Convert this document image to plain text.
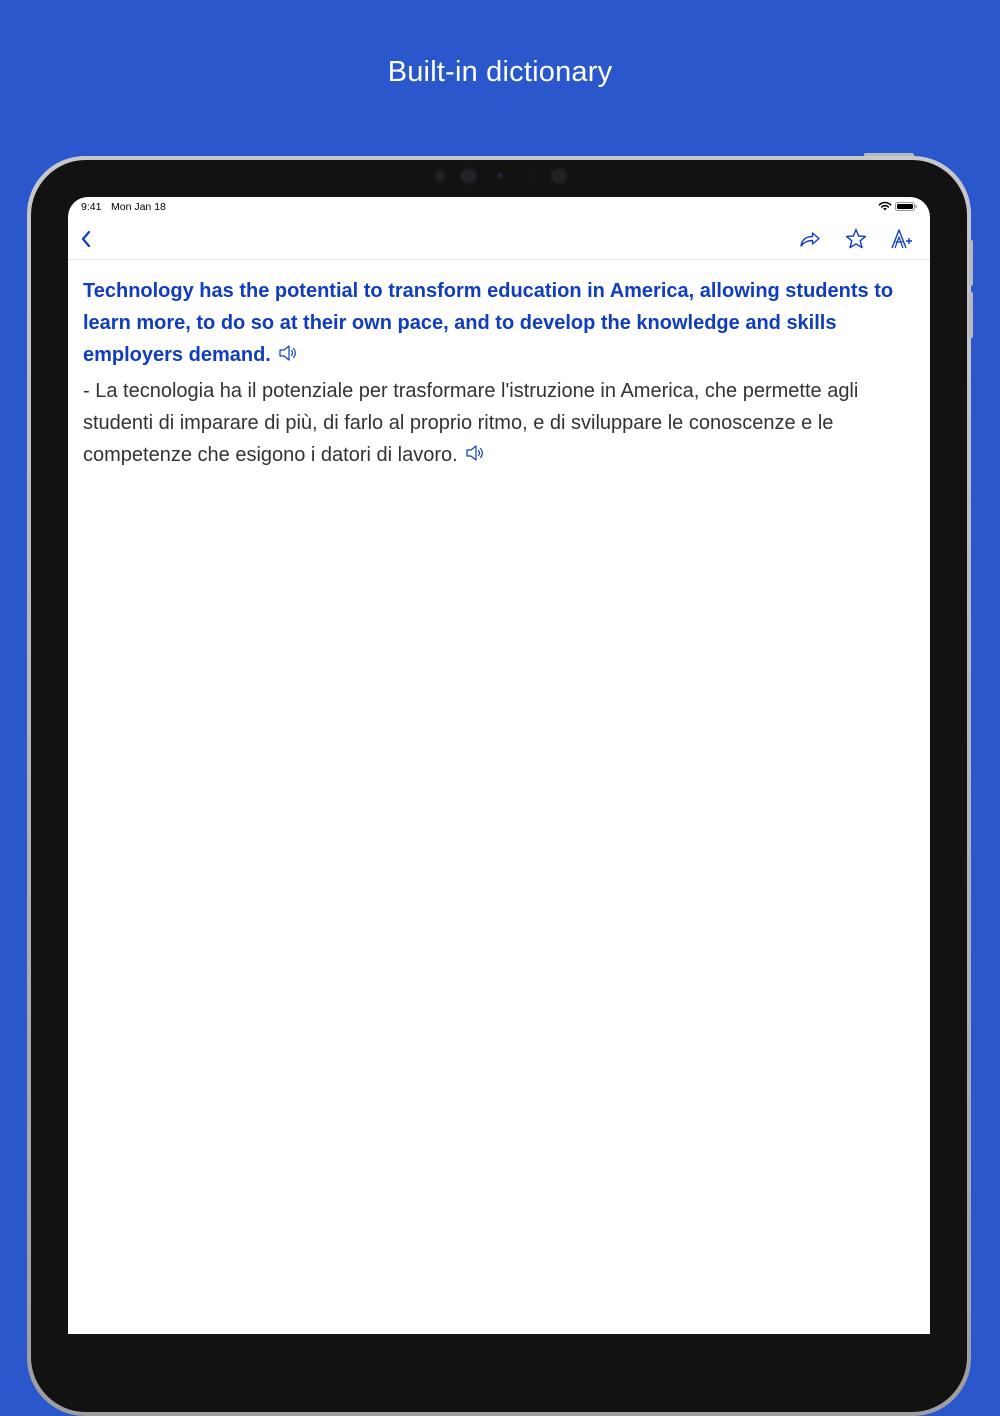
Built-in dictionary
9:41 Mon Jan 18

Technology has the potential to transform education in America, allowing students to learn more, to do so at their own pace, and to develop the knowledge and skills employers demand.

- La tecnologia ha il potenziale per trasformare l'istruzione in America, che permette agli studenti di imparare di più, di farlo al proprio ritmo, e di sviluppare le conoscenze e le competenze che esigono i datori di lavoro.
